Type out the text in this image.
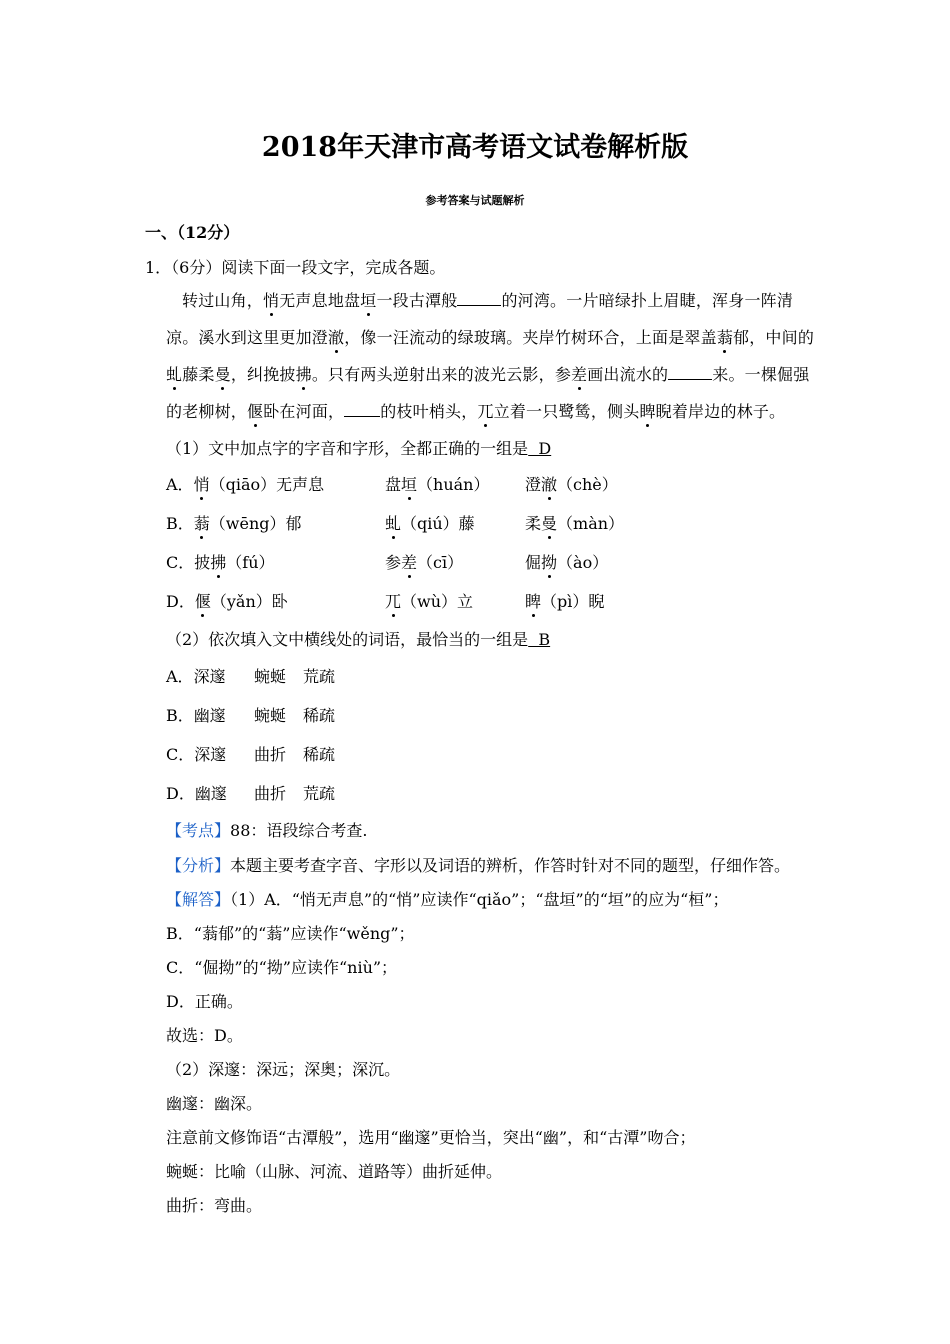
2018年天津市高考语文试卷解析版
参考答案与试题解析
一、（12分）
1．（6分）阅读下面一段文字，完成各题。
转过山角，悄无声息地盘垣一段古潭般	的河湾。一片暗绿扑上眉睫，浑身一阵清
凉。溪水到这里更加澄澈，像一汪流动的绿玻璃。夹岸竹树环合，上面是翠盖蓊郁，中间的
虬藤柔曼，纠挽披拂。只有两头逆射出来的波光云影，参差画出流水的	来。一棵倔强
的老柳树，偃卧在河面， 的枝叶梢头，兀立着一只鹭鸶，侧头睥睨着岸边的林子。
（1）文中加点字的字音和字形，全都正确的一组是  D
A．悄（qiāo）无声息	盘垣（huán） 澄澈（chè）
B．蓊（wēng）郁	虬（qiú）藤	柔曼（màn）
C．披拂（fú）	参差（cī）	倔拗（ào）
D．偃（yǎn）卧	兀（wù）立	睥（pì）睨
（2）依次填入文中横线处的词语，最恰当的一组是  B
A．深邃 蜿蜒 荒疏
B．幽邃 蜿蜒 稀疏
C．深邃 曲折 稀疏
D．幽邃 曲折 荒疏
【考点】88：语段综合考查.
【分析】本题主要考查字音、字形以及词语的辨析，作答时针对不同的题型，仔细作答。
【解答】（1）A．“悄无声息”的“悄”应读作“qiǎo”；“盘垣”的“垣”的应为“桓”；
B．“蓊郁”的“蓊”应读作“wěng”；
C．“倔拗”的“拗”应读作“niù”；
D．正确。
故选：D。
（2）深邃：深远；深奥；深沉。
幽邃：幽深。
注意前文修饰语“古潭般”，选用“幽邃”更恰当，突出“幽”，和“古潭”吻合；
蜿蜒：比喻（山脉、河流、道路等）曲折延伸。
曲折：弯曲。
